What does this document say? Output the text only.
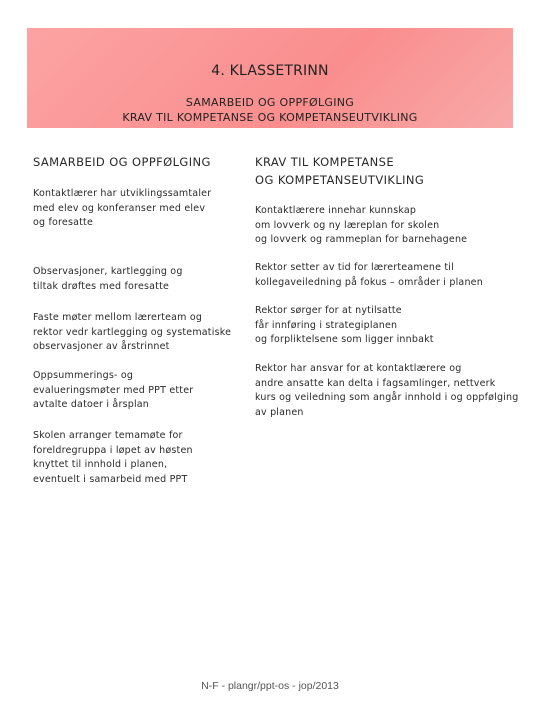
4. KLASSETRINN
SAMARBEID OG OPPFØLGING
KRAV TIL KOMPETANSE OG KOMPETANSEUTVIKLING
SAMARBEID OG OPPFØLGING	KRAV TIL KOMPETANSE
OG KOMPETANSEUTVIKLING
Kontaktlærer har utviklingssamtaler
med elev og konferanser med elev
og foresatte
Observasjoner, kartlegging og
tiltak drøftes med foresatte
Faste møter mellom lærerteam og
rektor vedr kartlegging og systematiske
observasjoner av årstrinnet
Oppsummerings- og
evalueringsmøter med PPT etter
avtalte datoer i årsplan
Skolen arranger temamøte for
foreldregruppa i løpet av høsten
knyttet til innhold i planen,
eventuelt i samarbeid med PPT
Kontaktlærere innehar kunnskap
om lovverk og ny læreplan for skolen
og lovverk og rammeplan for barnehagene
Rektor setter av tid for lærerteamene til
kollegaveiledning på fokus – områder i planen
Rektor sørger for at nytilsatte
får innføring i strategiplanen
og forpliktelsene som ligger innbakt
Rektor har ansvar for at kontaktlærere og
andre ansatte kan delta i fagsamlinger, nettverk
kurs og veiledning som angår innhold i og oppfølging
av planen
N-F - plangr/ppt-os - jop/2013
